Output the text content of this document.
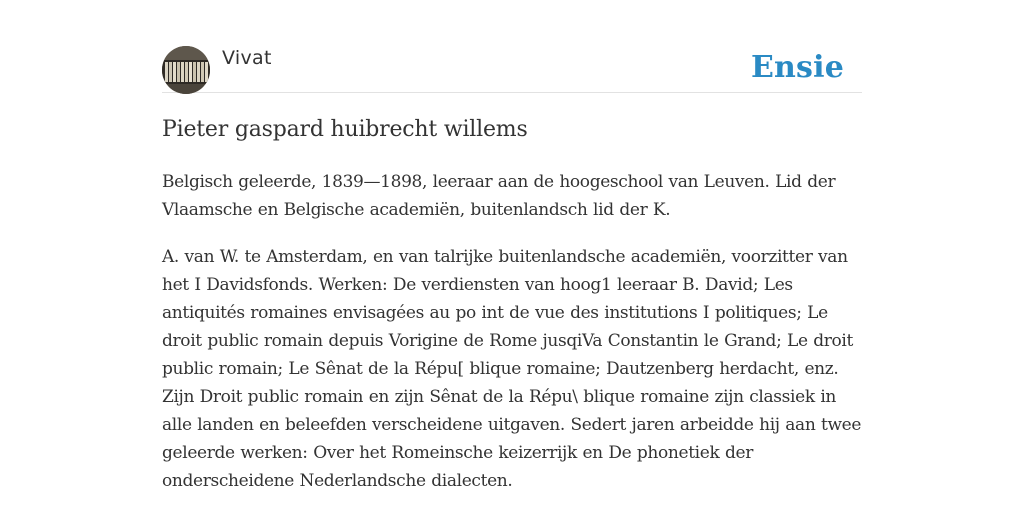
Vivat	Ensie
Pieter gaspard huibrecht willems

Belgisch geleerde, 1839—1898, leeraar aan de hoogeschool van Leuven. Lid der Vlaamsche en Belgische academiën, buitenlandsch lid der K.

A. van W. te Amsterdam, en van talrijke buitenlandsche academiën, voorzitter van het I Davidsfonds. Werken: De verdiensten van hoog1 leeraar B. David; Les antiquités romaines envisagées au po int de vue des institutions I politiques; Le droit public romain depuis Vorigine de Rome jusqiVa Constantin le Grand; Le droit public romain; Le Sênat de la Répu[ blique romaine; Dautzenberg herdacht, enz. Zijn Droit public romain en zijn Sênat de la Répu\ blique romaine zijn classiek in alle landen en beleefden verscheidene uitgaven. Sedert jaren arbeidde hij aan twee geleerde werken: Over het Romeinsche keizerrijk en De phonetiek der onderscheidene Nederlandsche dialecten.
